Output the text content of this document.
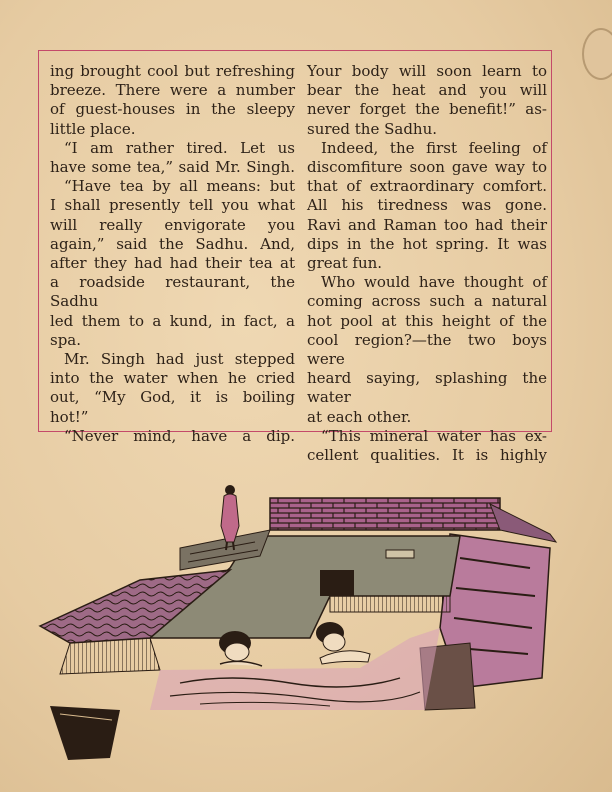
ing brought cool but refreshing

breeze. There were a number

of guest-houses in the sleepy

little place.

“I am rather tired. Let us

have some tea,” said Mr. Singh.

“Have tea by all means: but

I shall presently tell you what

will really envigorate you

again,” said the Sadhu. And,

after they had had their tea at

a roadside restaurant, the Sadhu

led them to a kund, in fact, a

spa.

Mr. Singh had just stepped

into the water when he cried

out, “My God, it is boiling

hot!”

“Never mind, have a dip.

Your body will soon learn to

bear the heat and you will

never forget the benefit!” as-

sured the Sadhu.

Indeed, the first feeling of

discomfiture soon gave way to

that of extraordinary comfort.

All his tiredness was gone.

Ravi and Raman too had their

dips in the hot spring. It was

great fun.

Who would have thought of

coming across such a natural

hot pool at this height of the

cool region?—the two boys were

heard saying, splashing the water

at each other.

“This mineral water has ex-

cellent qualities. It is highly
